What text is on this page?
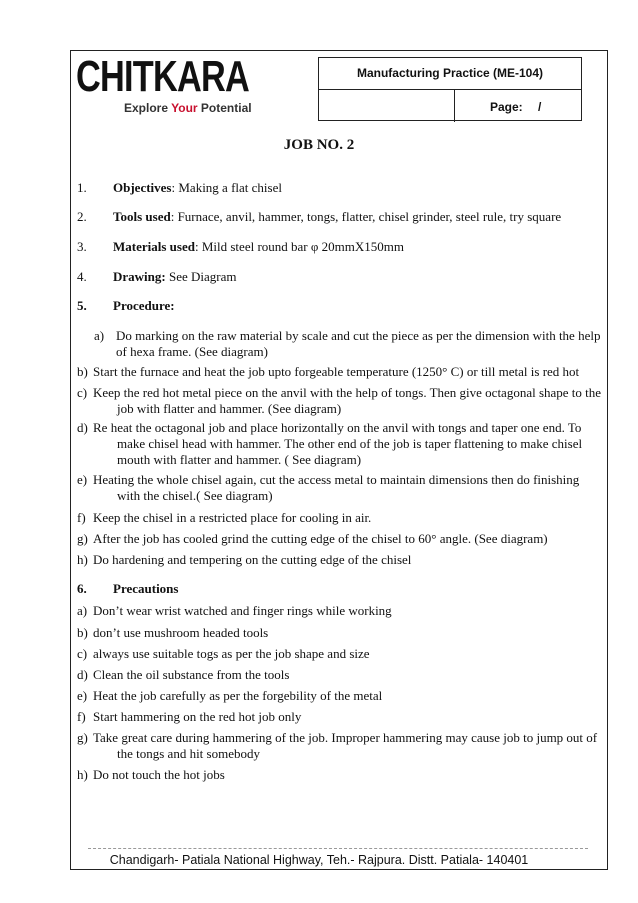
CHITKARA
Explore Your Potential
Manufacturing Practice (ME-104)
Page: /
JOB NO. 2
1. Objectives: Making a flat chisel
2. Tools used: Furnace, anvil, hammer, tongs, flatter, chisel grinder, steel rule, try square
3. Materials used: Mild steel round bar φ 20mmX150mm
4. Drawing: See Diagram
5. Procedure:
a) Do marking on the raw material by scale and cut the piece as per the dimension with the help
of hexa frame. (See diagram)
b) Start the furnace and heat the job upto forgeable temperature (1250° C) or till metal is red hot
c) Keep the red hot metal piece on the anvil with the help of tongs. Then give octagonal shape to the
job with flatter and hammer. (See diagram)
d) Re heat the octagonal job and place horizontally on the anvil with tongs and taper one end. To
make chisel head with hammer. The other end of the job is taper flattening to make chisel
mouth with flatter and hammer. ( See diagram)
e) Heating the whole chisel again, cut the access metal to maintain dimensions then do finishing
with the chisel.( See diagram)
f) Keep the chisel in a restricted place for cooling in air.
g) After the job has cooled grind the cutting edge of the chisel to 60° angle. (See diagram)
h) Do hardening and tempering on the cutting edge of the chisel
6. Precautions
a) Don’t wear wrist watched and finger rings while working
b) don’t use mushroom headed tools
c) always use suitable togs as per the job shape and size
d) Clean the oil substance from the tools
e) Heat the job carefully as per the forgebility of the metal
f) Start hammering on the red hot job only
g) Take great care during hammering of the job. Improper hammering may cause job to jump out of
the tongs and hit somebody
h) Do not touch the hot jobs
Chandigarh- Patiala National Highway, Teh.- Rajpura. Distt. Patiala- 140401
